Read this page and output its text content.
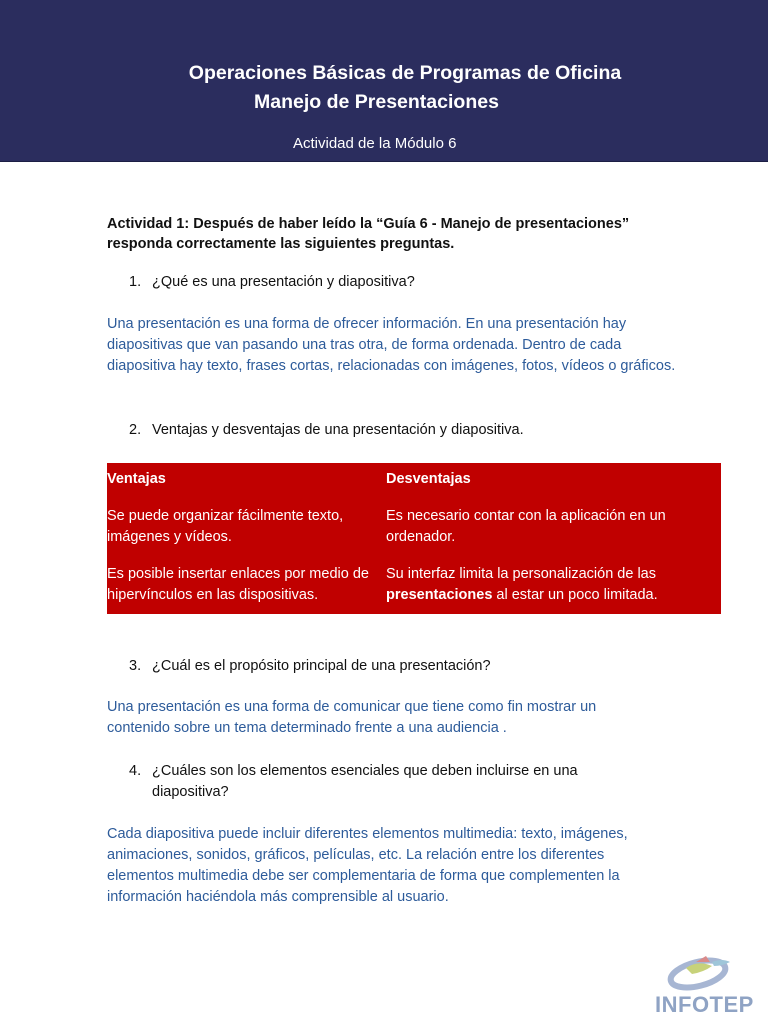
Operaciones Básicas de Programas de Oficina
Manejo de Presentaciones
Actividad de la Módulo 6
Actividad 1: Después de haber leído la “Guía 6 - Manejo de presentaciones”
responda correctamente las siguientes preguntas.
1. ¿Qué es una presentación y diapositiva?
Una presentación es una forma de ofrecer información. En una presentación hay diapositivas que van pasando una tras otra, de forma ordenada. Dentro de cada diapositiva hay texto, frases cortas, relacionadas con imágenes, fotos, vídeos o gráficos.
2. Ventajas y desventajas de una presentación y diapositiva.
Ventajas	Desventajas
Se puede organizar fácilmente texto, imágenes y vídeos.
Es necesario contar con la aplicación en un ordenador.
Es posible insertar enlaces por medio de hipervínculos en las dispositivas.
Su interfaz limita la personalización de las presentaciones al estar un poco limitada.
3. ¿Cuál es el propósito principal de una presentación?
Una presentación es una forma de comunicar que tiene como fin mostrar un contenido sobre un tema determinado frente a una audiencia .
4. ¿Cuáles son los elementos esenciales que deben incluirse en una diapositiva?
Cada diapositiva puede incluir diferentes elementos multimedia: texto, imágenes, animaciones, sonidos, gráficos, películas, etc. La relación entre los diferentes elementos multimedia debe ser complementaria de forma que complementen la información haciéndola más comprensible al usuario.
INFOTEP
